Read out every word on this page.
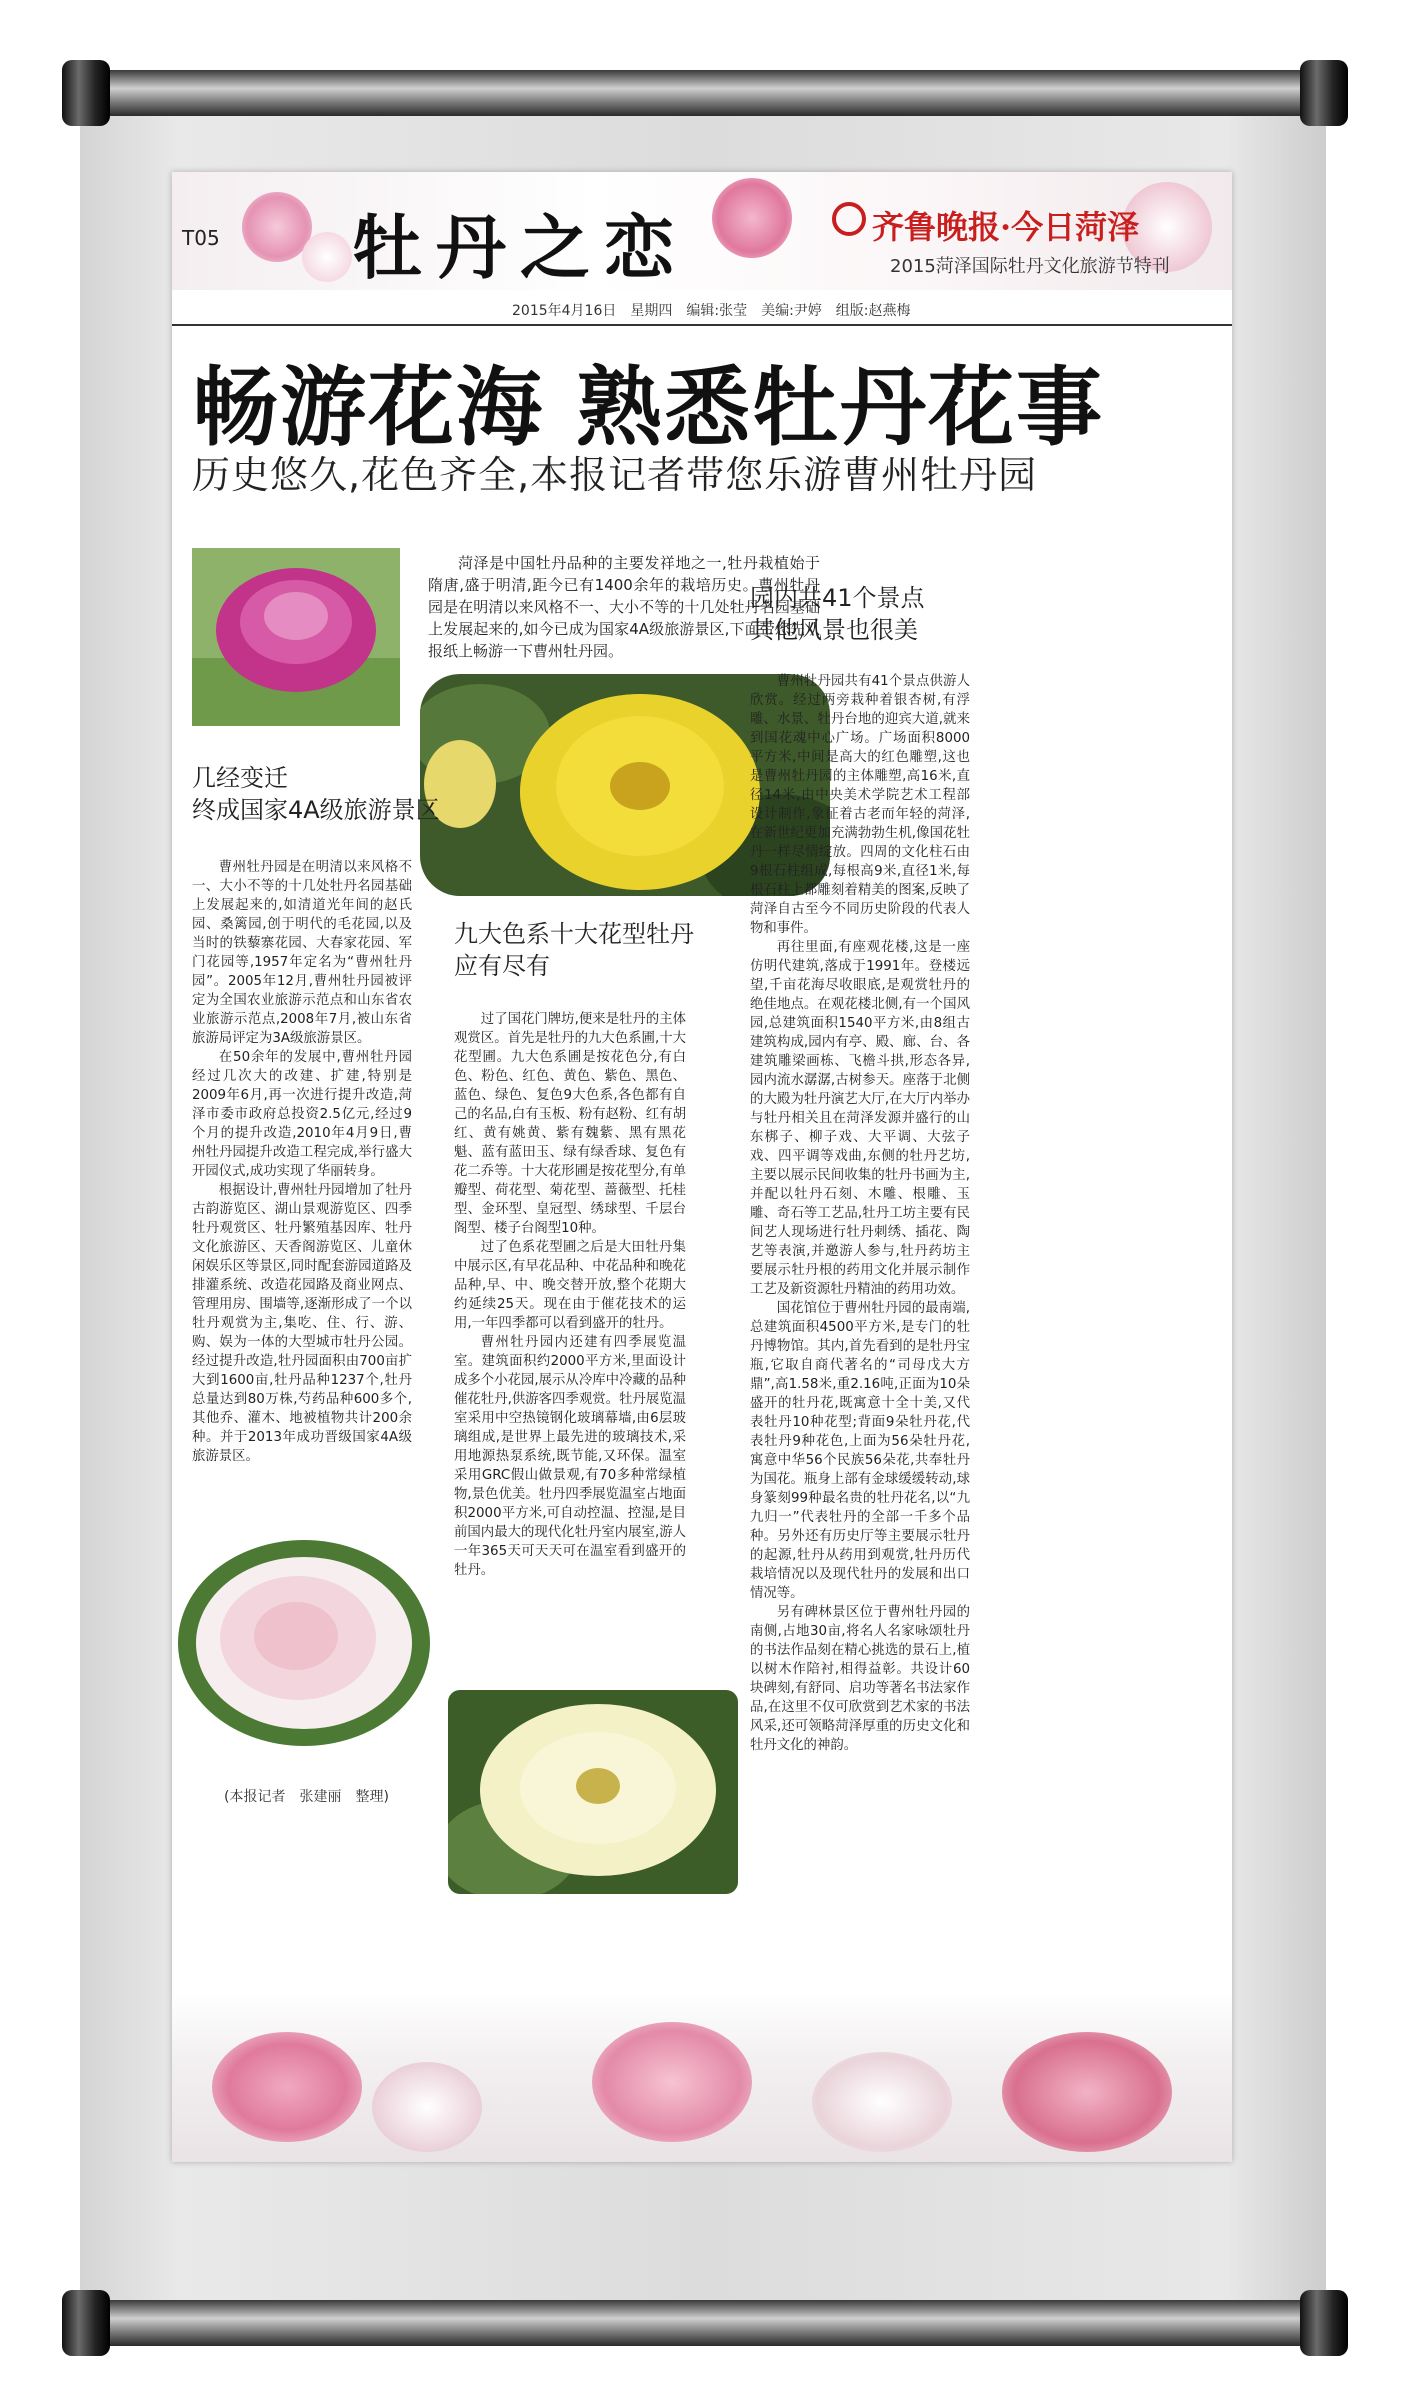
T05 牡丹之恋	齐鲁晚报·今日菏泽
2015菏泽国际牡丹文化旅游节特刊
2015年4月16日　星期四　编辑:张莹　美编:尹婷　组版:赵燕梅
畅游花海 熟悉牡丹花事
历史悠久,花色齐全,本报记者带您乐游曹州牡丹园

菏泽是中国牡丹品种的主要发祥地之一,牡丹栽植始于隋唐,盛于明清,距今已有1400余年的栽培历史。曹州牡丹园是在明清以来风格不一、大小不等的十几处牡丹名园基础上发展起来的,如今已成为国家4A级旅游景区,下面带您先从报纸上畅游一下曹州牡丹园。

几经变迁
终成国家4A级旅游景区

曹州牡丹园是在明清以来风格不一、大小不等的十几处牡丹名园基础上发展起来的,如清道光年间的赵氏园、桑篱园,创于明代的毛花园,以及当时的铁藜寨花园、大春家花园、军门花园等,1957年定名为“曹州牡丹园”。2005年12月,曹州牡丹园被评定为全国农业旅游示范点和山东省农业旅游示范点,2008年7月,被山东省旅游局评定为3A级旅游景区。

在50余年的发展中,曹州牡丹园经过几次大的改建、扩建,特别是2009年6月,再一次进行提升改造,菏泽市委市政府总投资2.5亿元,经过9个月的提升改造,2010年4月9日,曹州牡丹园提升改造工程完成,举行盛大开园仪式,成功实现了华丽转身。

根据设计,曹州牡丹园增加了牡丹古韵游览区、湖山景观游览区、四季牡丹观赏区、牡丹繁殖基因库、牡丹文化旅游区、天香阁游览区、儿童休闲娱乐区等景区,同时配套游园道路及排灌系统、改造花园路及商业网点、管理用房、围墙等,逐渐形成了一个以牡丹观赏为主,集吃、住、行、游、购、娱为一体的大型城市牡丹公园。经过提升改造,牡丹园面积由700亩扩大到1600亩,牡丹品种1237个,牡丹总量达到80万株,芍药品种600多个,其他乔、灌木、地被植物共计200余种。并于2013年成功晋级国家4A级旅游景区。

(本报记者　张建丽　整理)
九大色系十大花型牡丹
应有尽有

过了国花门牌坊,便来是牡丹的主体观赏区。首先是牡丹的九大色系圃,十大花型圃。九大色系圃是按花色分,有白色、粉色、红色、黄色、紫色、黑色、蓝色、绿色、复色9大色系,各色都有自己的名品,白有玉板、粉有赵粉、红有胡红、黄有姚黄、紫有魏紫、黑有黑花魁、蓝有蓝田玉、绿有绿香球、复色有花二乔等。十大花形圃是按花型分,有单瓣型、荷花型、菊花型、蔷薇型、托桂型、金环型、皇冠型、绣球型、千层台阁型、楼子台阁型10种。

过了色系花型圃之后是大田牡丹集中展示区,有早花品种、中花品种和晚花品种,早、中、晚交替开放,整个花期大约延续25天。现在由于催花技术的运用,一年四季都可以看到盛开的牡丹。

曹州牡丹园内还建有四季展览温室。建筑面积约2000平方米,里面设计成多个小花园,展示从冷库中冷藏的品种催花牡丹,供游客四季观赏。牡丹展览温室采用中空热镜钢化玻璃幕墙,由6层玻璃组成,是世界上最先进的玻璃技术,采用地源热泵系统,既节能,又环保。温室采用GRC假山做景观,有70多种常绿植物,景色优美。牡丹四季展览温室占地面积2000平方米,可自动控温、控湿,是目前国内最大的现代化牡丹室内展室,游人一年365天可天天可在温室看到盛开的牡丹。

园内共41个景点
其他风景也很美

曹州牡丹园共有41个景点供游人欣赏。经过两旁栽种着银杏树,有浮雕、水景、牡丹台地的迎宾大道,就来到国花魂中心广场。广场面积8000平方米,中间是高大的红色雕塑,这也是曹州牡丹园的主体雕塑,高16米,直径14米,由中央美术学院艺术工程部设计制作,象征着古老而年轻的菏泽,在新世纪更加充满勃勃生机,像国花牡丹一样尽情绽放。四周的文化柱石由9根石柱组成,每根高9米,直径1米,每根石柱上都雕刻着精美的图案,反映了菏泽自古至今不同历史阶段的代表人物和事件。

再往里面,有座观花楼,这是一座仿明代建筑,落成于1991年。登楼远望,千亩花海尽收眼底,是观赏牡丹的绝佳地点。在观花楼北侧,有一个国风园,总建筑面积1540平方米,由8组古建筑构成,园内有亭、殿、廊、台、各建筑雕梁画栋、飞檐斗拱,形态各异,园内流水潺潺,古树参天。座落于北侧的大殿为牡丹演艺大厅,在大厅内举办与牡丹相关且在菏泽发源并盛行的山东梆子、柳子戏、大平调、大弦子戏、四平调等戏曲,东侧的牡丹艺坊,主要以展示民间收集的牡丹书画为主,并配以牡丹石刻、木雕、根雕、玉雕、奇石等工艺品,牡丹工坊主要有民间艺人现场进行牡丹刺绣、插花、陶艺等表演,并邀游人参与,牡丹药坊主要展示牡丹根的药用文化并展示制作工艺及新资源牡丹精油的药用功效。

国花馆位于曹州牡丹园的最南端,总建筑面积4500平方米,是专门的牡丹博物馆。其内,首先看到的是牡丹宝瓶,它取自商代著名的“司母戊大方鼎”,高1.58米,重2.16吨,正面为10朵盛开的牡丹花,既寓意十全十美,又代表牡丹10种花型;背面9朵牡丹花,代表牡丹9种花色,上面为56朵牡丹花,寓意中华56个民族56朵花,共奉牡丹为国花。瓶身上部有金球缓缓转动,球身篆刻99种最名贵的牡丹花名,以“九九归一”代表牡丹的全部一千多个品种。另外还有历史厅等主要展示牡丹的起源,牡丹从药用到观赏,牡丹历代栽培情况以及现代牡丹的发展和出口情况等。

另有碑林景区位于曹州牡丹园的南侧,占地30亩,将名人名家咏颂牡丹的书法作品刻在精心挑选的景石上,植以树木作陪衬,相得益彰。共设计60块碑刻,有舒同、启功等著名书法家作品,在这里不仅可欣赏到艺术家的书法风采,还可领略菏泽厚重的历史文化和牡丹文化的神韵。
